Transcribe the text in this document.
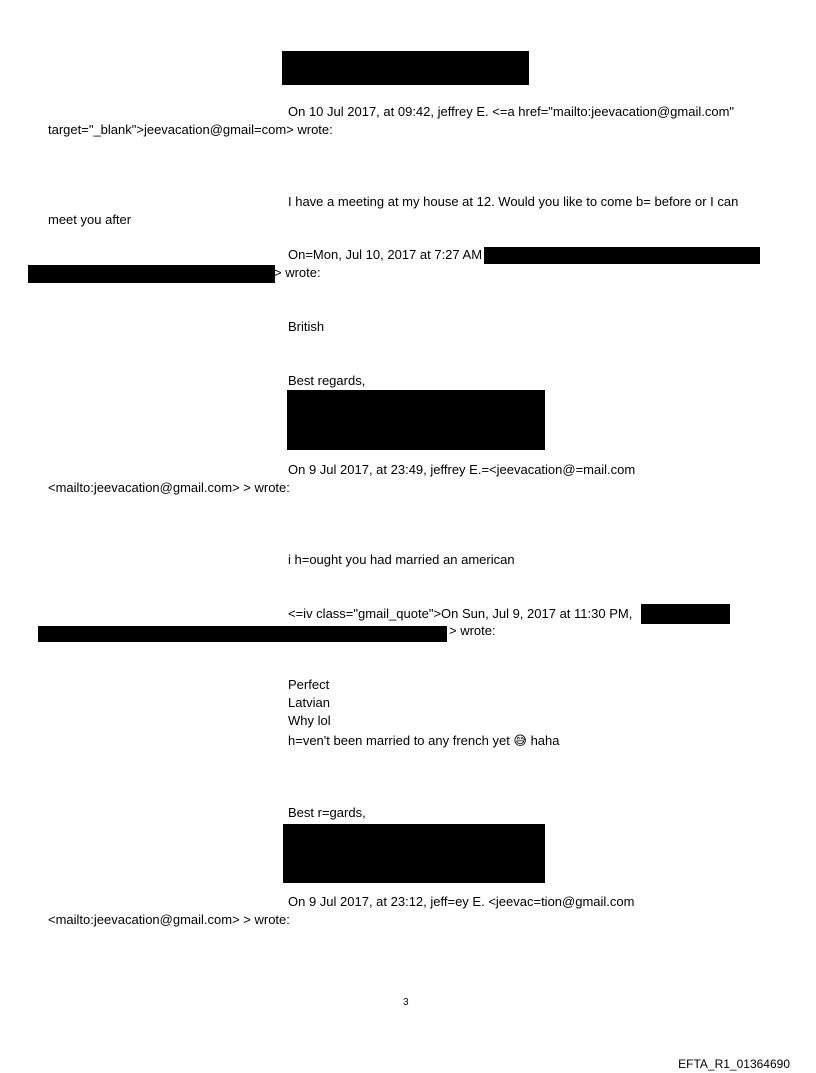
On 10 Jul 2017, at 09:42, jeffrey E. <=a href="mailto:jeevacation@gmail.com"

target="_blank">jeevacation@gmail=com> wrote:

I have a meeting at my house at 12. Would you like to come b= before or I can

meet you after

On=Mon, Jul 10, 2017 at 7:27 AM

> wrote:

British

Best regards,

On 9 Jul 2017, at 23:49, jeffrey E.=<jeevacation@=mail.com

<mailto:jeevacation@gmail.com> > wrote:

i h=ought you had married an american

<=iv class="gmail_quote">On Sun, Jul 9, 2017 at 11:30 PM,

> wrote:

Perfect

Latvian

Why lol

h=ven't been married to any french yet 😅 haha

Best r=gards,

On 9 Jul 2017, at 23:12, jeff=ey E. <jeevac=tion@gmail.com

<mailto:jeevacation@gmail.com> > wrote:

3
EFTA_R1_01364690
